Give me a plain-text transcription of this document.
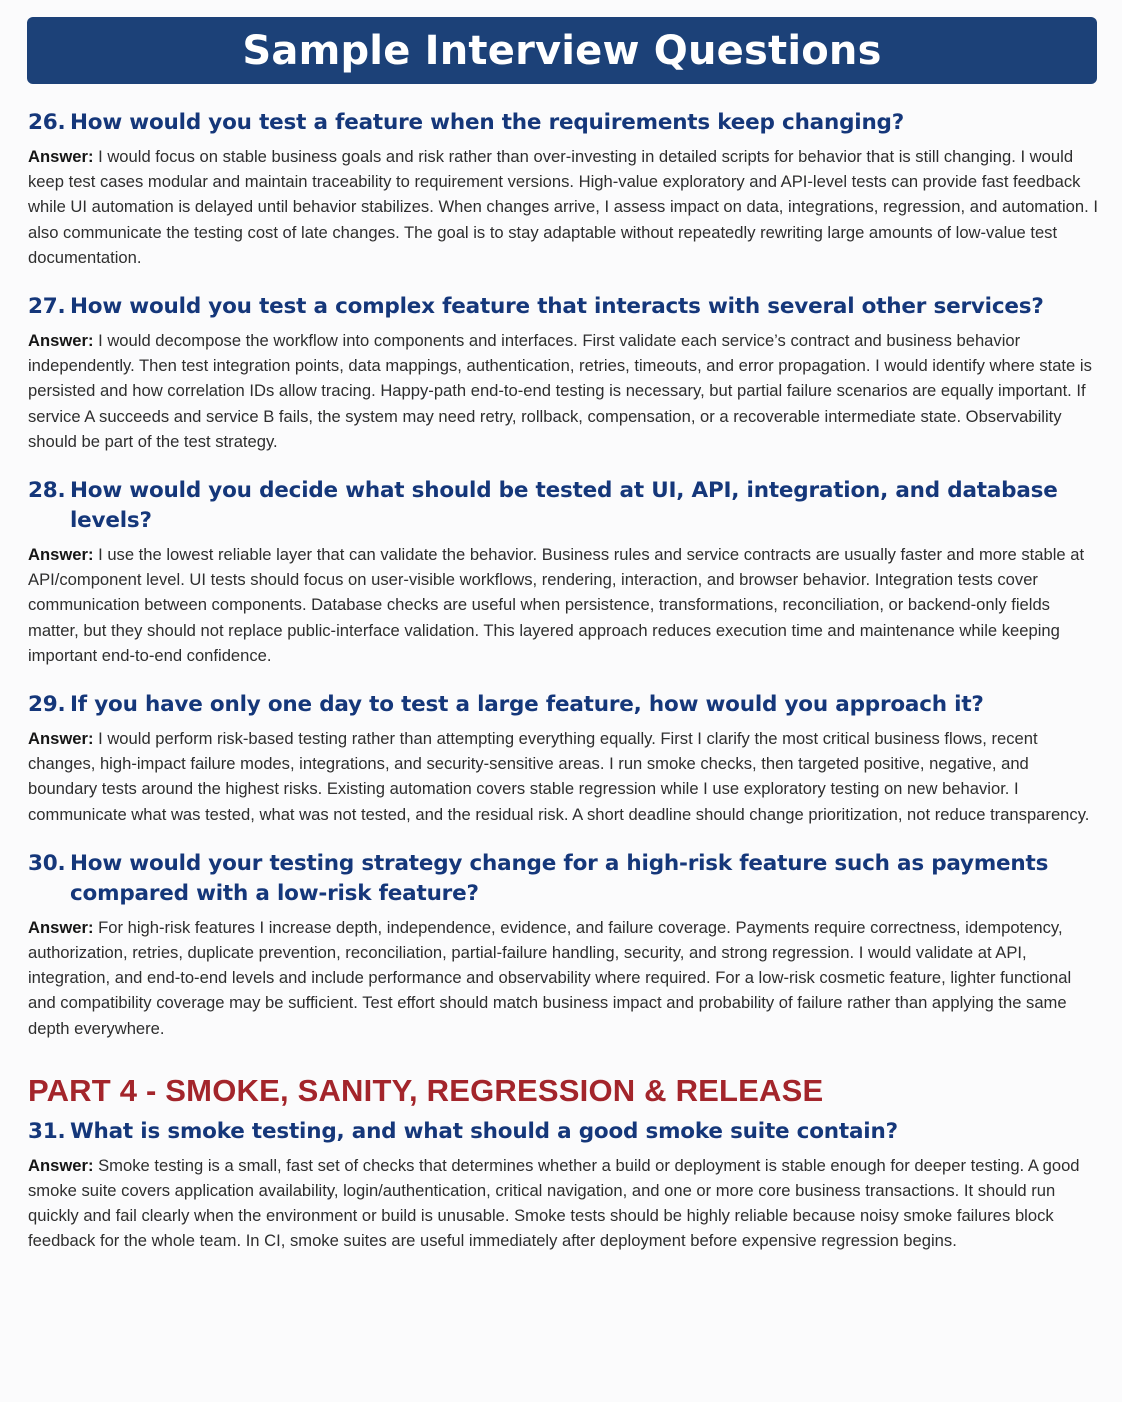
Sample Interview Questions
26. How would you test a feature when the requirements keep changing?

Answer: I would focus on stable business goals and risk rather than over-investing in detailed scripts for behavior that is still changing. I would keep test cases modular and maintain traceability to requirement versions. High-value exploratory and API-level tests can provide fast feedback while UI automation is delayed until behavior stabilizes. When changes arrive, I assess impact on data, integrations, regression, and automation. I also communicate the testing cost of late changes. The goal is to stay adaptable without repeatedly rewriting large amounts of low-value test documentation.

27. How would you test a complex feature that interacts with several other services?

Answer: I would decompose the workflow into components and interfaces. First validate each service’s contract and business behavior independently. Then test integration points, data mappings, authentication, retries, timeouts, and error propagation. I would identify where state is persisted and how correlation IDs allow tracing. Happy-path end-to-end testing is necessary, but partial failure scenarios are equally important. If service A succeeds and service B fails, the system may need retry, rollback, compensation, or a recoverable intermediate state. Observability should be part of the test strategy.

28. How would you decide what should be tested at UI, API, integration, and database levels?

Answer: I use the lowest reliable layer that can validate the behavior. Business rules and service contracts are usually faster and more stable at API/component level. UI tests should focus on user-visible workflows, rendering, interaction, and browser behavior. Integration tests cover communication between components. Database checks are useful when persistence, transformations, reconciliation, or backend-only fields matter, but they should not replace public-interface validation. This layered approach reduces execution time and maintenance while keeping important end-to-end confidence.

29. If you have only one day to test a large feature, how would you approach it?

Answer: I would perform risk-based testing rather than attempting everything equally. First I clarify the most critical business flows, recent changes, high-impact failure modes, integrations, and security-sensitive areas. I run smoke checks, then targeted positive, negative, and boundary tests around the highest risks. Existing automation covers stable regression while I use exploratory testing on new behavior. I communicate what was tested, what was not tested, and the residual risk. A short deadline should change prioritization, not reduce transparency.

30. How would your testing strategy change for a high-risk feature such as payments compared with a low-risk feature?

Answer: For high-risk features I increase depth, independence, evidence, and failure coverage. Payments require correctness, idempotency, authorization, retries, duplicate prevention, reconciliation, partial-failure handling, security, and strong regression. I would validate at API, integration, and end-to-end levels and include performance and observability where required. For a low-risk cosmetic feature, lighter functional and compatibility coverage may be sufficient. Test effort should match business impact and probability of failure rather than applying the same depth everywhere.

PART 4 - SMOKE, SANITY, REGRESSION & RELEASE
31. What is smoke testing, and what should a good smoke suite contain?

Answer: Smoke testing is a small, fast set of checks that determines whether a build or deployment is stable enough for deeper testing. A good smoke suite covers application availability, login/authentication, critical navigation, and one or more core business transactions. It should run quickly and fail clearly when the environment or build is unusable. Smoke tests should be highly reliable because noisy smoke failures block feedback for the whole team. In CI, smoke suites are useful immediately after deployment before expensive regression begins.
